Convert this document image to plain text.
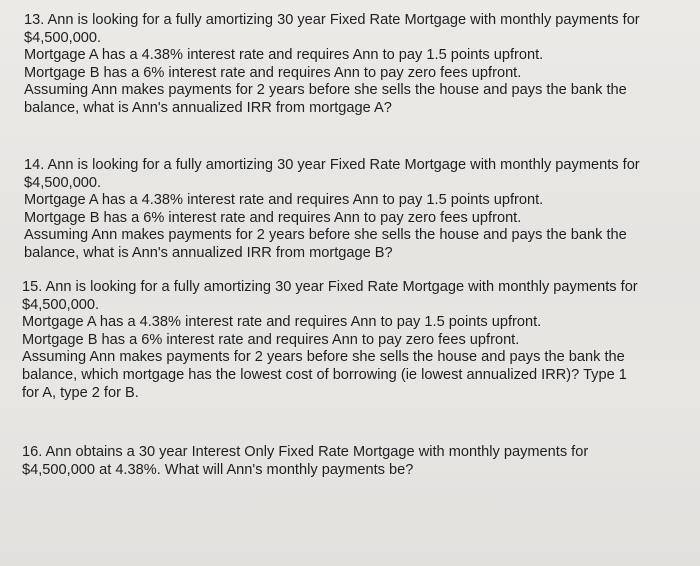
13. Ann is looking for a fully amortizing 30 year Fixed Rate Mortgage with monthly payments for
$4,500,000.
Mortgage A has a 4.38% interest rate and requires Ann to pay 1.5 points upfront.
Mortgage B has a 6% interest rate and requires Ann to pay zero fees upfront.
Assuming Ann makes payments for 2 years before she sells the house and pays the bank the
balance, what is Ann's annualized IRR from mortgage A?
14. Ann is looking for a fully amortizing 30 year Fixed Rate Mortgage with monthly payments for
$4,500,000.
Mortgage A has a 4.38% interest rate and requires Ann to pay 1.5 points upfront.
Mortgage B has a 6% interest rate and requires Ann to pay zero fees upfront.
Assuming Ann makes payments for 2 years before she sells the house and pays the bank the
balance, what is Ann's annualized IRR from mortgage B?
15. Ann is looking for a fully amortizing 30 year Fixed Rate Mortgage with monthly payments for
$4,500,000.
Mortgage A has a 4.38% interest rate and requires Ann to pay 1.5 points upfront.
Mortgage B has a 6% interest rate and requires Ann to pay zero fees upfront.
Assuming Ann makes payments for 2 years before she sells the house and pays the bank the
balance, which mortgage has the lowest cost of borrowing (ie lowest annualized IRR)? Type 1
for A, type 2 for B.
16. Ann obtains a 30 year Interest Only Fixed Rate Mortgage with monthly payments for
$4,500,000 at 4.38%. What will Ann's monthly payments be?
